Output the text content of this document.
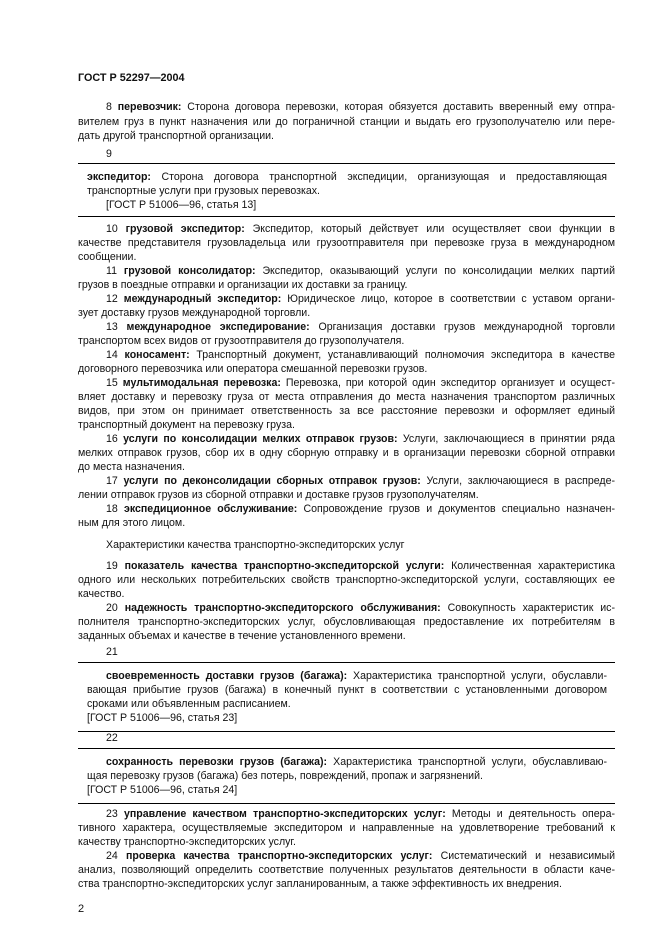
ГОСТ Р 52297—2004
8 перевозчик: Сторона договора перевозки, которая обязуется доставить вверенный ему отпра-
вителем груз в пункт назначения или до пограничной станции и выдать его грузополучателю или пере-
дать другой транспортной организации.
9
экспедитор: Сторона договора транспортной экспедиции, организующая и предоставляющая
транспортные услуги при грузовых перевозках.
[ГОСТ Р 51006—96, статья 13]
10 грузовой экспедитор: Экспедитор, который действует или осуществляет свои функции в
качестве представителя грузовладельца или грузоотправителя при перевозке груза в международном
сообщении.
11 грузовой консолидатор: Экспедитор, оказывающий услуги по консолидации мелких партий
грузов в поездные отправки и организации их доставки за границу.
12 международный экспедитор: Юридическое лицо, которое в соответствии с уставом органи-
зует доставку грузов международной торговли.
13 международное экспедирование: Организация доставки грузов международной торговли
транспортом всех видов от грузоотправителя до грузополучателя.
14 коносамент: Транспортный документ, устанавливающий полномочия экспедитора в качестве
договорного перевозчика или оператора смешанной перевозки грузов.
15 мультимодальная перевозка: Перевозка, при которой один экспедитор организует и осущест-
вляет доставку и перевозку груза от места отправления до места назначения транспортом различных
видов, при этом он принимает ответственность за все расстояние перевозки и оформляет единый
транспортный документ на перевозку груза.
16 услуги по консолидации мелких отправок грузов: Услуги, заключающиеся в принятии ряда
мелких отправок грузов, сбор их в одну сборную отправку и в организации перевозки сборной отправки
до места назначения.
17 услуги по деконсолидации сборных отправок грузов: Услуги, заключающиеся в распреде-
лении отправок грузов из сборной отправки и доставке грузов грузополучателям.
18 экспедиционное обслуживание: Сопровождение грузов и документов специально назначен-
ным для этого лицом.
Характеристики качества транспортно-экспедиторских услуг
19 показатель качества транспортно-экспедиторской услуги: Количественная характеристика
одного или нескольких потребительских свойств транспортно-экспедиторской услуги, составляющих ее
качество.
20 надежность транспортно-экспедиторского обслуживания: Совокупность характеристик ис-
полнителя транспортно-экспедиторских услуг, обусловливающая предоставление их потребителям в
заданных объемах и качестве в течение установленного времени.
21
своевременность доставки грузов (багажа): Характеристика транспортной услуги, обуславли-
вающая прибытие грузов (багажа) в конечный пункт в соответствии с установленными договором
сроками или объявленным расписанием.
[ГОСТ Р 51006—96, статья 23]
22
сохранность перевозки грузов (багажа): Характеристика транспортной услуги, обуславливаю-
щая перевозку грузов (багажа) без потерь, повреждений, пропаж и загрязнений.
[ГОСТ Р 51006—96, статья 24]
23 управление качеством транспортно-экспедиторских услуг: Методы и деятельность опера-
тивного характера, осуществляемые экспедитором и направленные на удовлетворение требований к
качеству транспортно-экспедиторских услуг.
24 проверка качества транспортно-экспедиторских услуг: Систематический и независимый
анализ, позволяющий определить соответствие полученных результатов деятельности в области каче-
ства транспортно-экспедиторских услуг запланированным, а также эффективность их внедрения.
2
